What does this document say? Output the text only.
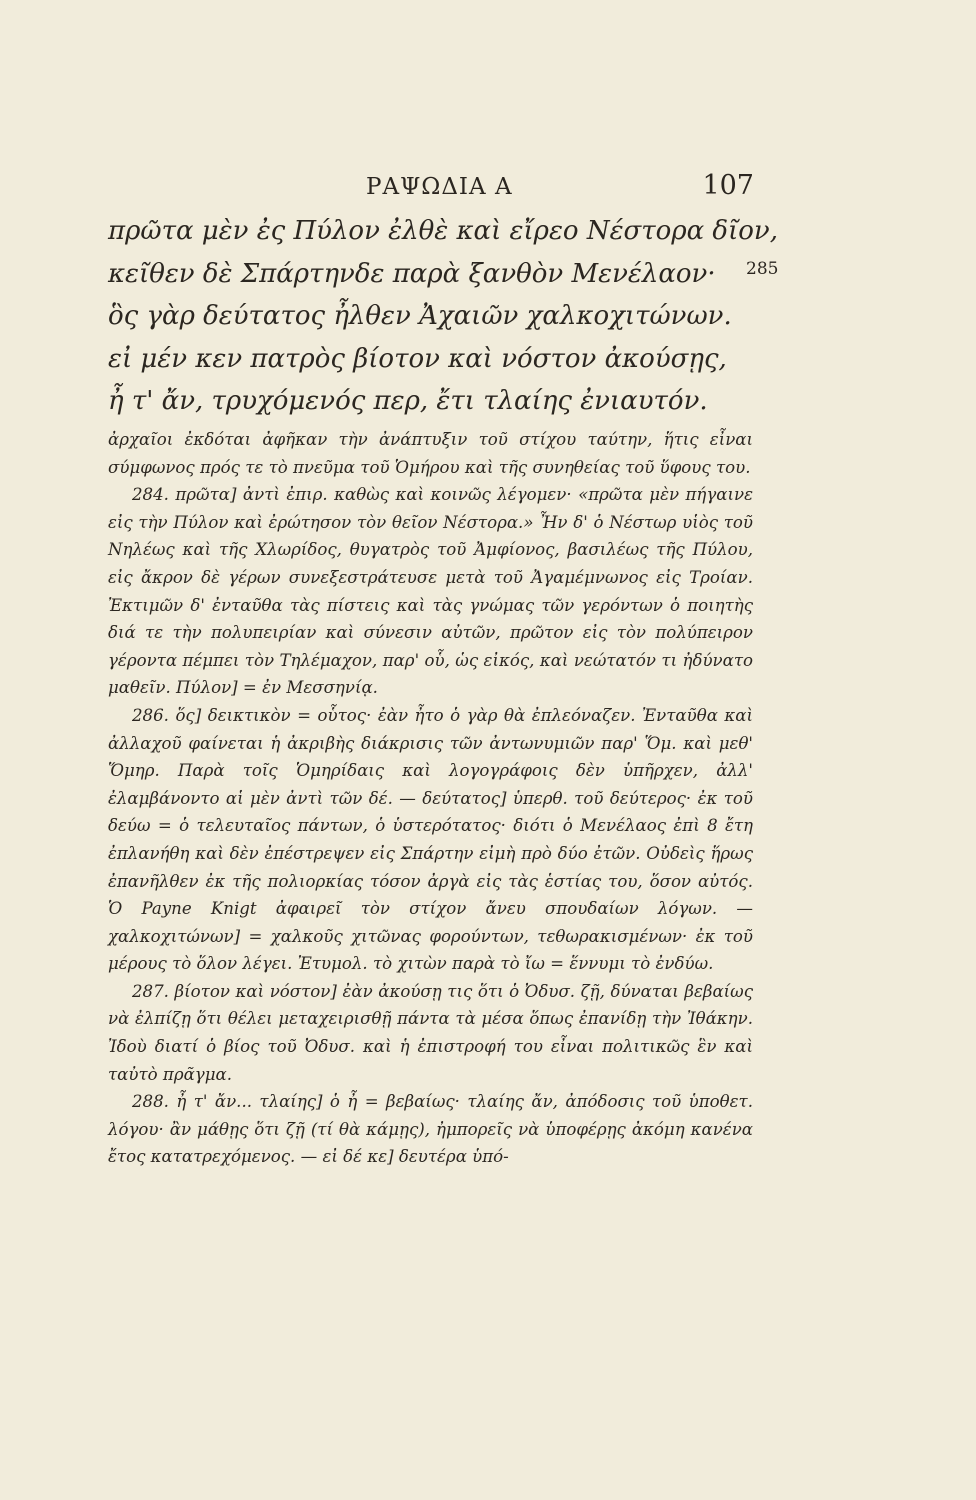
ΡΑΨΩΔΙΑ Α	107
πρῶτα μὲν ἐς Πύλον ἐλθὲ καὶ εἴρεο Νέστορα δῖον,
κεῖθεν δὲ Σπάρτηνδε παρὰ ξανθὸν Μενέλαον·
ὃς γὰρ δεύτατος ἦλθεν Ἀχαιῶν χαλκοχιτώνων.
εἰ μέν κεν πατρὸς βίοτον καὶ νόστον ἀκούσῃς,
ἦ τ' ἄν, τρυχόμενός περ, ἔτι τλαίης ἐνιαυτόν.
285

ἀρχαῖοι ἐκδόται ἀφῆκαν τὴν ἀνάπτυξιν τοῦ στίχου ταύτην, ἥτις εἶναι σύμφωνος πρός τε τὸ πνεῦμα τοῦ Ὁμήρου καὶ τῆς συνηθείας τοῦ ὕφους του.

284. πρῶτα] ἀντὶ ἐπιρ. καθὼς καὶ κοινῶς λέγομεν· «πρῶτα μὲν πήγαινε εἰς τὴν Πύλον καὶ ἐρώτησον τὸν θεῖον Νέστορα.» Ἦν δ' ὁ Νέστωρ υἱὸς τοῦ Νηλέως καὶ τῆς Χλωρίδος, θυγατρὸς τοῦ Ἀμφίονος, βασιλέως τῆς Πύλου, εἰς ἄκρον δὲ γέρων συνεξεστράτευσε μετὰ τοῦ Ἀγαμέμνωνος εἰς Τροίαν. Ἐκτιμῶν δ' ἐνταῦθα τὰς πίστεις καὶ τὰς γνώμας τῶν γερόντων ὁ ποιητὴς διά τε τὴν πολυπειρίαν καὶ σύνεσιν αὐτῶν, πρῶτον εἰς τὸν πολύπειρον γέροντα πέμπει τὸν Τηλέμαχον, παρ' οὗ, ὡς εἰκός, καὶ νεώτατόν τι ἠδύνατο μαθεῖν. Πύλον] = ἐν Μεσσηνίᾳ.

286. ὅς] δεικτικὸν = οὗτος· ἐὰν ἦτο ὁ γὰρ θὰ ἐπλεόναζεν. Ἐνταῦθα καὶ ἀλλαχοῦ φαίνεται ἡ ἀκριβὴς διάκρισις τῶν ἀντωνυμιῶν παρ' Ὅμ. καὶ μεθ' Ὅμηρ. Παρὰ τοῖς Ὁμηρίδαις καὶ λογογράφοις δὲν ὑπῆρχεν, ἀλλ' ἐλαμβάνοντο αἱ μὲν ἀντὶ τῶν δέ. — δεύτατος] ὑπερθ. τοῦ δεύτερος· ἐκ τοῦ δεύω = ὁ τελευταῖος πάντων, ὁ ὑστερότατος· διότι ὁ Μενέλαος ἐπὶ 8 ἔτη ἐπλανήθη καὶ δὲν ἐπέστρεψεν εἰς Σπάρτην εἰμὴ πρὸ δύο ἐτῶν. Οὐδεὶς ἥρως ἐπανῆλθεν ἐκ τῆς πολιορκίας τόσον ἀργὰ εἰς τὰς ἑστίας του, ὅσον αὐτός. Ὁ Payne Knigt ἀφαιρεῖ τὸν στίχον ἄνευ σπουδαίων λόγων. — χαλκοχιτώνων] = χαλκοῦς χιτῶνας φορούντων, τεθωρακισμένων· ἐκ τοῦ μέρους τὸ ὅλον λέγει. Ἐτυμολ. τὸ χιτὼν παρὰ τὸ ἴω = ἕννυμι τὸ ἐνδύω.

287. βίοτον καὶ νόστον] ἐὰν ἀκούσῃ τις ὅτι ὁ Ὀδυσ. ζῇ, δύναται βεβαίως νὰ ἐλπίζῃ ὅτι θέλει μεταχειρισθῇ πάντα τὰ μέσα ὅπως ἐπανίδῃ τὴν Ἰθάκην. Ἰδοὺ διατί ὁ βίος τοῦ Ὀδυσ. καὶ ἡ ἐπιστροφή του εἶναι πολιτικῶς ἓν καὶ ταὐτὸ πρᾶγμα.

288. ἦ τ' ἄν... τλαίης] ὁ ἦ = βεβαίως· τλαίης ἄν, ἀπόδοσις τοῦ ὑποθετ. λόγου· ἂν μάθῃς ὅτι ζῇ (τί θὰ κάμῃς), ἠμπορεῖς νὰ ὑποφέρῃς ἀκόμη κανένα ἔτος κατατρεχόμενος. — εἰ δέ κε] δευτέρα ὑπό-
